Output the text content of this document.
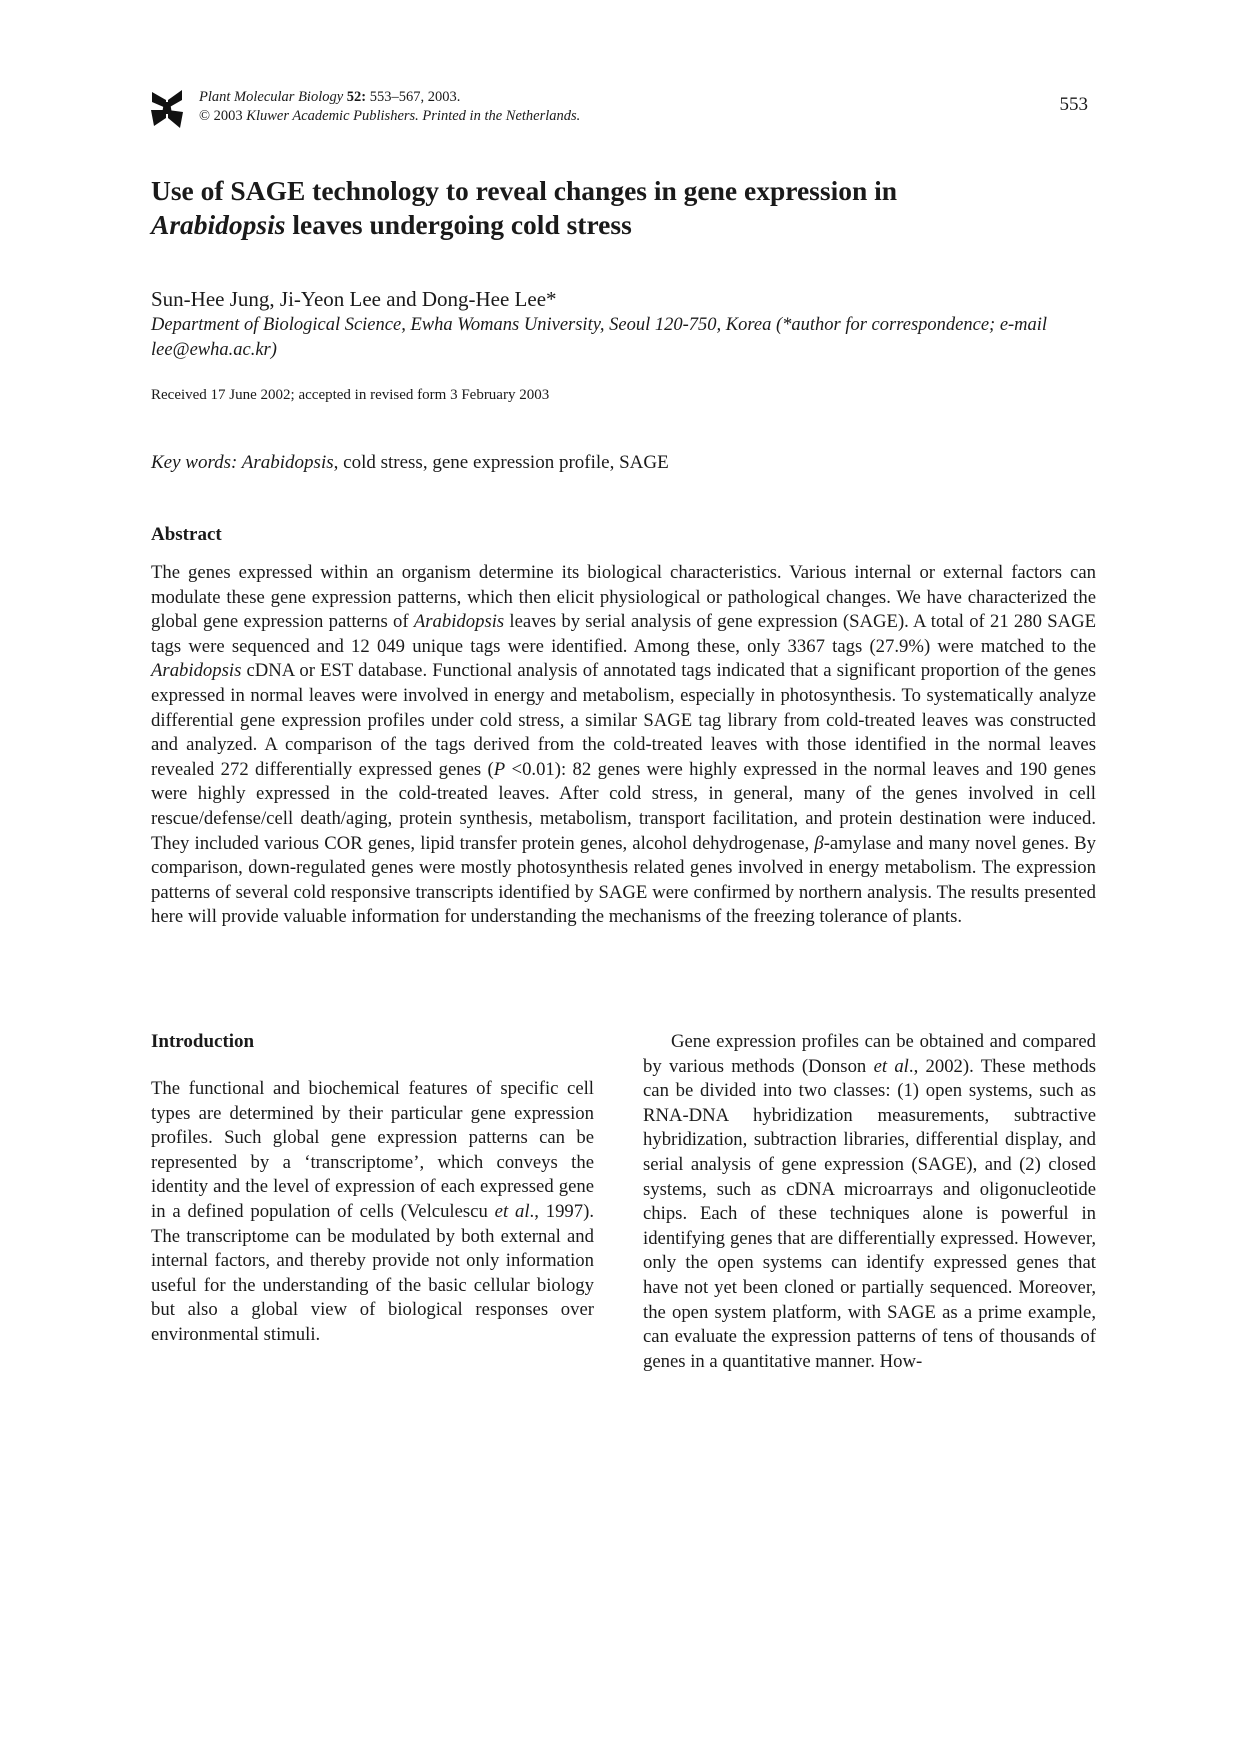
Plant Molecular Biology 52: 553–567, 2003.
© 2003 Kluwer Academic Publishers. Printed in the Netherlands.
553
Use of SAGE technology to reveal changes in gene expression in
Arabidopsis leaves undergoing cold stress
Sun-Hee Jung, Ji-Yeon Lee and Dong-Hee Lee*
Department of Biological Science, Ewha Womans University, Seoul 120-750, Korea (*author for correspondence; e-mail lee@ewha.ac.kr)
Received 17 June 2002; accepted in revised form 3 February 2003
Key words: Arabidopsis, cold stress, gene expression profile, SAGE
Abstract

The genes expressed within an organism determine its biological characteristics. Various internal or external factors can modulate these gene expression patterns, which then elicit physiological or pathological changes. We have characterized the global gene expression patterns of Arabidopsis leaves by serial analysis of gene expression (SAGE). A total of 21 280 SAGE tags were sequenced and 12 049 unique tags were identified. Among these, only 3367 tags (27.9%) were matched to the Arabidopsis cDNA or EST database. Functional analysis of annotated tags indicated that a significant proportion of the genes expressed in normal leaves were involved in energy and metabolism, especially in photosynthesis. To systematically analyze differential gene expression profiles under cold stress, a similar SAGE tag library from cold-treated leaves was constructed and analyzed. A comparison of the tags derived from the cold-treated leaves with those identified in the normal leaves revealed 272 differentially expressed genes (P <0.01): 82 genes were highly expressed in the normal leaves and 190 genes were highly expressed in the cold-treated leaves. After cold stress, in general, many of the genes involved in cell rescue/defense/cell death/aging, protein synthesis, metabolism, transport facilitation, and protein destination were induced. They included various COR genes, lipid transfer protein genes, alcohol dehydrogenase, β-amylase and many novel genes. By comparison, down-regulated genes were mostly photosynthesis related genes involved in energy metabolism. The expression patterns of several cold responsive transcripts identified by SAGE were confirmed by northern analysis. The results presented here will provide valuable information for understanding the mechanisms of the freezing tolerance of plants.

Introduction

The functional and biochemical features of specific cell types are determined by their particular gene expression profiles. Such global gene expression patterns can be represented by a ‘transcriptome’, which conveys the identity and the level of expression of each expressed gene in a defined population of cells (Velculescu et al., 1997). The transcriptome can be modulated by both external and internal factors, and thereby provide not only information useful for the understanding of the basic cellular biology but also a global view of biological responses over environmental stimuli.

Gene expression profiles can be obtained and compared by various methods (Donson et al., 2002). These methods can be divided into two classes: (1) open systems, such as RNA-DNA hybridization measurements, subtractive hybridization, subtraction libraries, differential display, and serial analysis of gene expression (SAGE), and (2) closed systems, such as cDNA microarrays and oligonucleotide chips. Each of these techniques alone is powerful in identifying genes that are differentially expressed. However, only the open systems can identify expressed genes that have not yet been cloned or partially sequenced. Moreover, the open system platform, with SAGE as a prime example, can evaluate the expression patterns of tens of thousands of genes in a quantitative manner. How-
